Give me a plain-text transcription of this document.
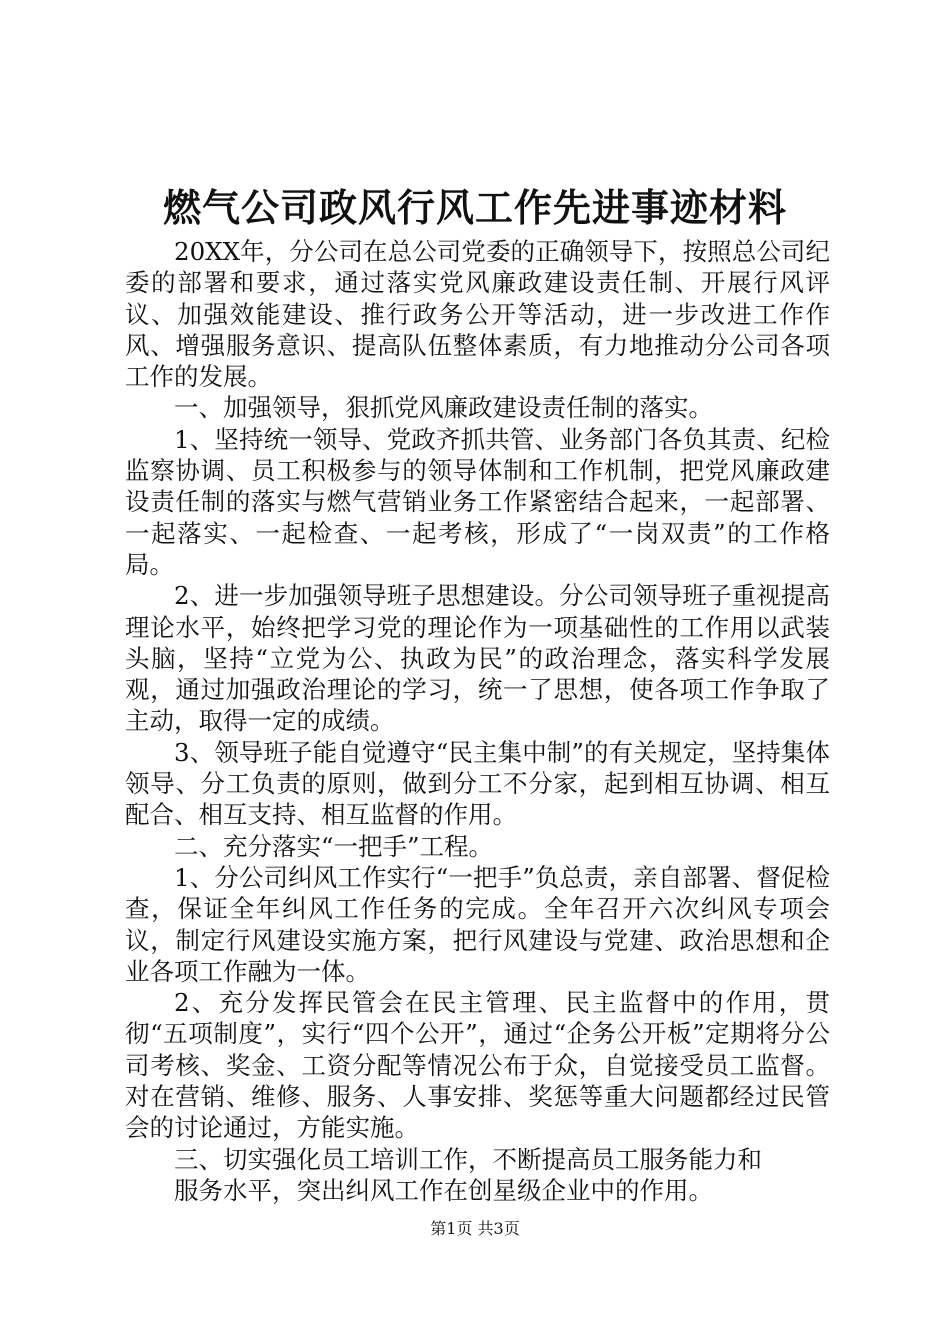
燃气公司政风行风工作先进事迹材料

20XX年，分公司在总公司党委的正确领导下，按照总公司纪委的部署和要求，通过落实党风廉政建设责任制、开展行风评议、加强效能建设、推行政务公开等活动，进一步改进工作作风、增强服务意识、提高队伍整体素质，有力地推动分公司各项工作的发展。

一、加强领导，狠抓党风廉政建设责任制的落实。

1、坚持统一领导、党政齐抓共管、业务部门各负其责、纪检监察协调、员工积极参与的领导体制和工作机制，把党风廉政建设责任制的落实与燃气营销业务工作紧密结合起来，一起部署、一起落实、一起检查、一起考核，形成了“一岗双责”的工作格局。

2、进一步加强领导班子思想建设。分公司领导班子重视提高理论水平，始终把学习党的理论作为一项基础性的工作用以武装头脑，坚持“立党为公、执政为民”的政治理念，落实科学发展观，通过加强政治理论的学习，统一了思想，使各项工作争取了主动，取得一定的成绩。

3、领导班子能自觉遵守“民主集中制”的有关规定，坚持集体领导、分工负责的原则，做到分工不分家，起到相互协调、相互配合、相互支持、相互监督的作用。

二、充分落实“一把手”工程。

1、分公司纠风工作实行“一把手”负总责，亲自部署、督促检查，保证全年纠风工作任务的完成。全年召开六次纠风专项会议，制定行风建设实施方案，把行风建设与党建、政治思想和企业各项工作融为一体。

2、充分发挥民管会在民主管理、民主监督中的作用，贯彻“五项制度”，实行“四个公开”，通过“企务公开板”定期将分公司考核、奖金、工资分配等情况公布于众，自觉接受员工监督。对在营销、维修、服务、人事安排、奖惩等重大问题都经过民管会的讨论通过，方能实施。

三、切实强化员工培训工作，不断提高员工服务能力和

服务水平，突出纠风工作在创星级企业中的作用。

第1页 共3页
